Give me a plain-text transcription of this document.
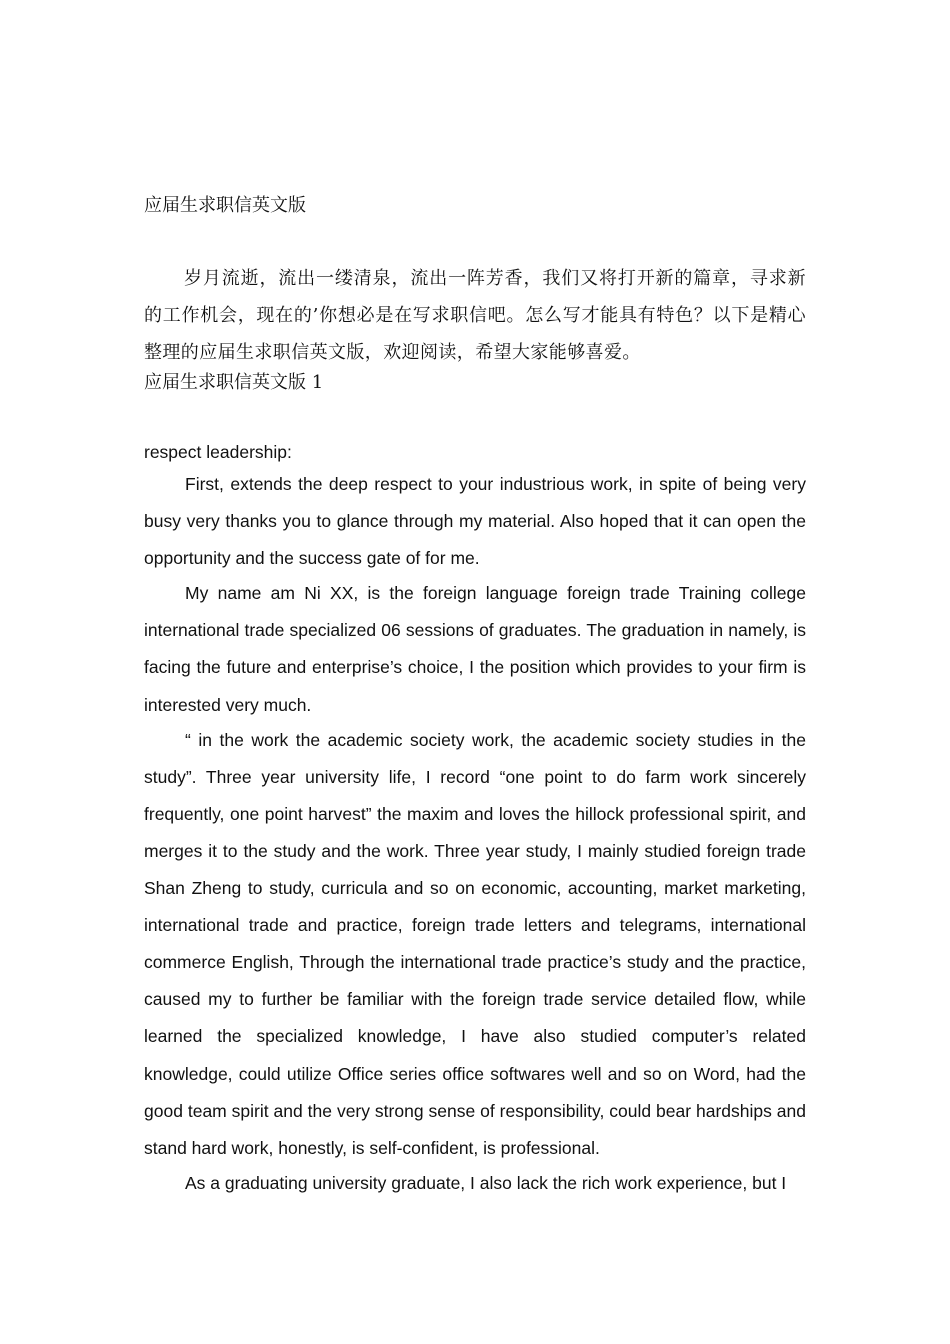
应届生求职信英文版

岁月流逝，流出一缕清泉，流出一阵芳香，我们又将打开新的篇章，寻求新的工作机会，现在的’你想必是在写求职信吧。怎么写才能具有特色？以下是精心整理的应届生求职信英文版，欢迎阅读，希望大家能够喜爱。

应届生求职信英文版 1

respect leadership:

First, extends the deep respect to your industrious work, in spite of being very busy very thanks you to glance through my material. Also hoped that it can open the opportunity and the success gate of for me.

My name am Ni XX, is the foreign language foreign trade Training college international trade specialized 06 sessions of graduates. The graduation in namely, is facing the future and enterprise’s choice, I the position which provides to your firm is interested very much.

“ in the work the academic society work, the academic society studies in the study”. Three year university life, I record “one point to do farm work sincerely frequently, one point harvest” the maxim and loves the hillock professional spirit, and merges it to the study and the work. Three year study, I mainly studied foreign trade Shan Zheng to study, curricula and so on economic, accounting, market marketing, international trade and practice, foreign trade letters and telegrams, international commerce English, Through the international trade practice’s study and the practice, caused my to further be familiar with the foreign trade service detailed flow, while learned the specialized knowledge, I have also studied computer’s related knowledge, could utilize Office series office softwares well and so on Word, had the good team spirit and the very strong sense of responsibility, could bear hardships and stand hard work, honestly, is self-confident, is professional.

As a graduating university graduate, I also lack the rich work experience, but I
